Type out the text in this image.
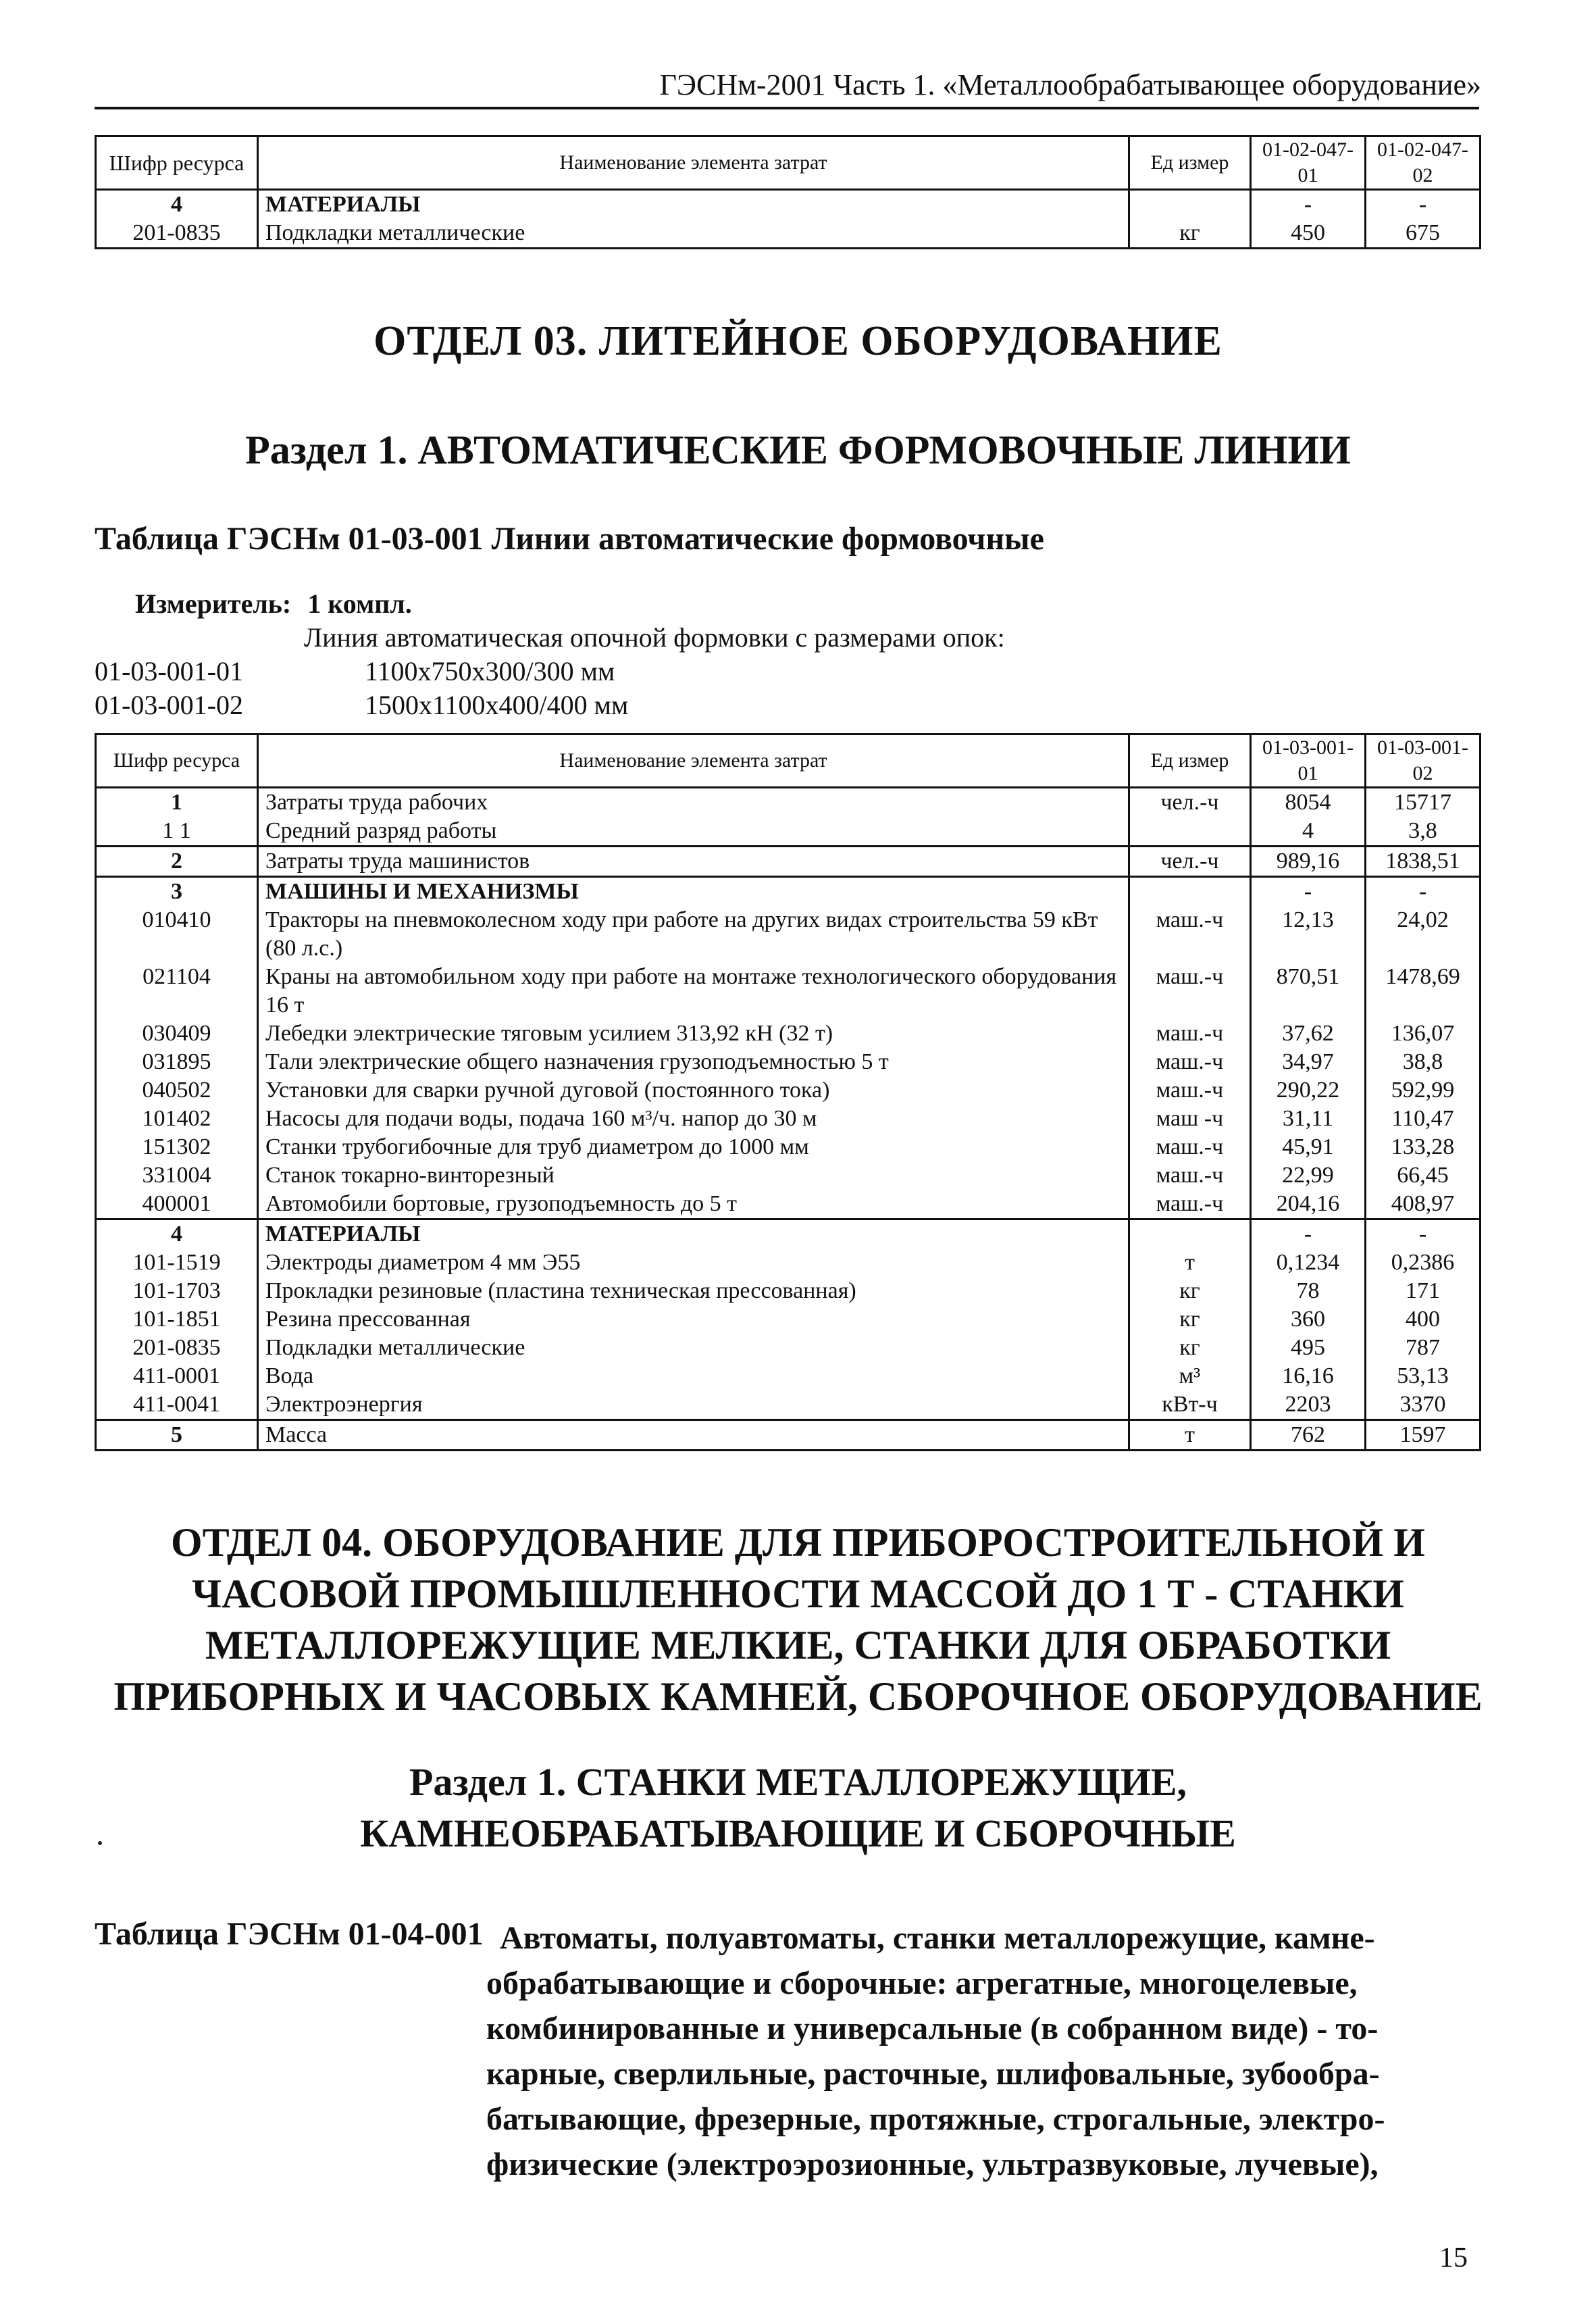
ГЭСНм-2001 Часть 1. «Металлообрабатывающее оборудование»
Шифр ресурса	Наименование элемента затрат	Ед измер	01-02-047-01	01-02-047-02
4	МАТЕРИАЛЫ		-	-
201-0835	Подкладки металлические	кг	450	675
ОТДЕЛ 03. ЛИТЕЙНОЕ ОБОРУДОВАНИЕ
Раздел 1. АВТОМАТИЧЕСКИЕ ФОРМОВОЧНЫЕ ЛИНИИ
Таблица ГЭСНм 01-03-001 Линии автоматические формовочные
Измеритель: 1 компл.
Линия автоматическая опочной формовки с размерами опок:
01-03-001-01	1100х750х300/300 мм
01-03-001-02	1500х1100х400/400 мм
Шифр ресурса	Наименование элемента затрат	Ед измер	01-03-001-01	01-03-001-02
1	Затраты труда рабочих	чел.-ч	8054	15717
1 1	Средний разряд работы		4	3,8
2	Затраты труда машинистов	чел.-ч	989,16	1838,51
3	МАШИНЫ И МЕХАНИЗМЫ		-	-
010410	Тракторы на пневмоколесном ходу при работе на других видах строительства 59 кВт (80 л.с.)	маш.-ч	12,13	24,02
021104	Краны на автомобильном ходу при работе на монтаже технологического оборудования 16 т	маш.-ч	870,51	1478,69
030409	Лебедки электрические тяговым усилием 313,92 кН (32 т)	маш.-ч	37,62	136,07
031895	Тали электрические общего назначения грузоподъемностью 5 т	маш.-ч	34,97	38,8
040502	Установки для сварки ручной дуговой (постоянного тока)	маш.-ч	290,22	592,99
101402	Насосы для подачи воды, подача 160 м³/ч. напор до 30 м	маш -ч	31,11	110,47
151302	Станки трубогибочные для труб диаметром до 1000 мм	маш.-ч	45,91	133,28
331004	Станок токарно-винторезный	маш.-ч	22,99	66,45
400001	Автомобили бортовые, грузоподъемность до 5 т	маш.-ч	204,16	408,97
4	МАТЕРИАЛЫ		-	-
101-1519	Электроды диаметром 4 мм Э55	т	0,1234	0,2386
101-1703	Прокладки резиновые (пластина техническая прессованная)	кг	78	171
101-1851	Резина прессованная	кг	360	400
201-0835	Подкладки металлические	кг	495	787
411-0001	Вода	м³	16,16	53,13
411-0041	Электроэнергия	кВт-ч	2203	3370
5	Масса	т	762	1597
ОТДЕЛ 04. ОБОРУДОВАНИЕ ДЛЯ ПРИБОРОСТРОИТЕЛЬНОЙ И
ЧАСОВОЙ ПРОМЫШЛЕННОСТИ МАССОЙ ДО 1 Т - СТАНКИ
МЕТАЛЛОРЕЖУЩИЕ МЕЛКИЕ, СТАНКИ ДЛЯ ОБРАБОТКИ
ПРИБОРНЫХ И ЧАСОВЫХ КАМНЕЙ, СБОРОЧНОЕ ОБОРУДОВАНИЕ
Раздел 1. СТАНКИ МЕТАЛЛОРЕЖУЩИЕ,
КАМНЕОБРАБАТЫВАЮЩИЕ И СБОРОЧНЫЕ
Таблица ГЭСНм 01-04-001 Автоматы, полуавтоматы, станки металлорежущие, камне-
обрабатывающие и сборочные: агрегатные, многоцелевые,
комбинированные и универсальные (в собранном виде) - то-
карные, сверлильные, расточные, шлифовальные, зубообра-
батывающие, фрезерные, протяжные, строгальные, электро-
физические (электроэрозионные, ультразвуковые, лучевые),
15
